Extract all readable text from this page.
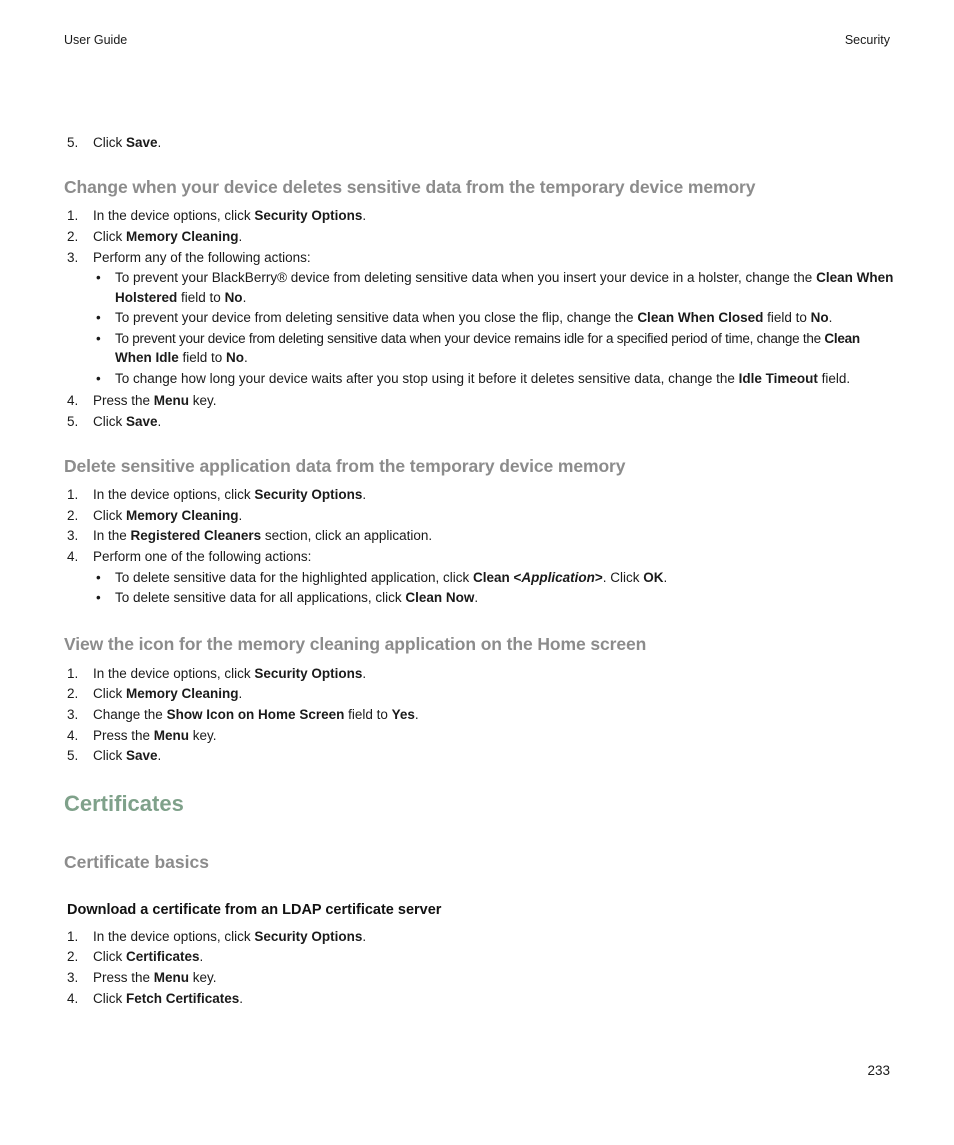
User Guide	Security
5. Click Save.
Change when your device deletes sensitive data from the temporary device memory
1. In the device options, click Security Options.
2. Click Memory Cleaning.
3. Perform any of the following actions:
• To prevent your BlackBerry® device from deleting sensitive data when you insert your device in a holster, change the Clean When
Holstered field to No.
• To prevent your device from deleting sensitive data when you close the flip, change the Clean When Closed field to No.
• To prevent your device from deleting sensitive data when your device remains idle for a specified period of time, change the Clean
When Idle field to No.
• To change how long your device waits after you stop using it before it deletes sensitive data, change the Idle Timeout field.
4. Press the Menu key.
5. Click Save.
Delete sensitive application data from the temporary device memory
1. In the device options, click Security Options.
2. Click Memory Cleaning.
3. In the Registered Cleaners section, click an application.
4. Perform one of the following actions:
• To delete sensitive data for the highlighted application, click Clean <Application>. Click OK.
• To delete sensitive data for all applications, click Clean Now.
View the icon for the memory cleaning application on the Home screen
1. In the device options, click Security Options.
2. Click Memory Cleaning.
3. Change the Show Icon on Home Screen field to Yes.
4. Press the Menu key.
5. Click Save.
Certificates
Certificate basics
Download a certificate from an LDAP certificate server
1. In the device options, click Security Options.
2. Click Certificates.
3. Press the Menu key.
4. Click Fetch Certificates.
233
